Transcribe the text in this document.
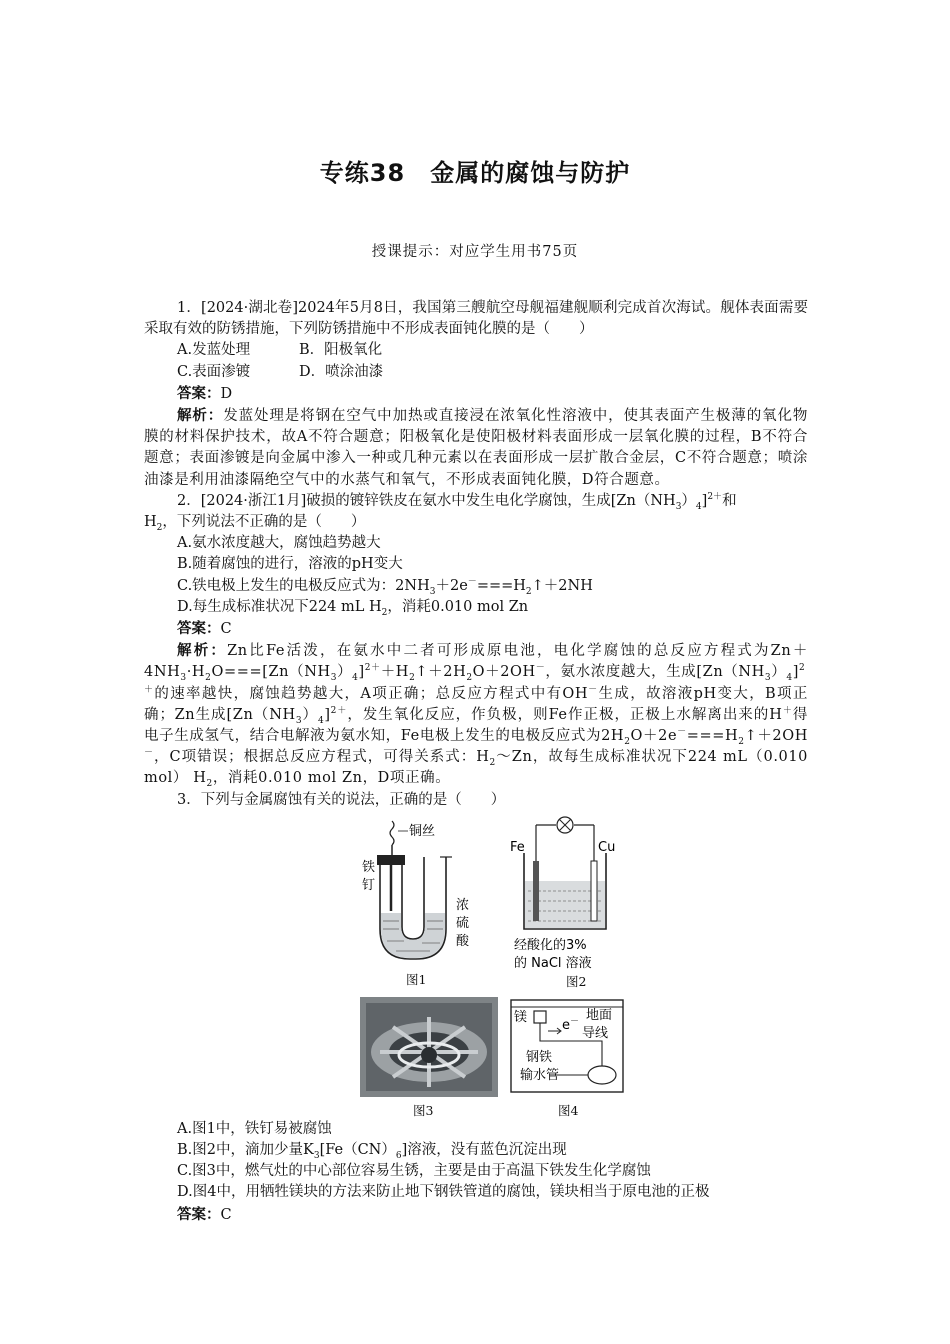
专练38　金属的腐蚀与防护
授课提示：对应学生用书75页

1．[2024·湖北卷]2024年5月8日，我国第三艘航空母舰福建舰顺利完成首次海试。舰体表面需要采取有效的防锈措施，下列防锈措施中不形成表面钝化膜的是（　　）

A.发蓝处理	B．阳极氧化

C.表面渗镀	D．喷涂油漆

答案：D

解析：发蓝处理是将钢在空气中加热或直接浸在浓氧化性溶液中，使其表面产生极薄的氧化物膜的材料保护技术，故A不符合题意；阳极氧化是使阳极材料表面形成一层氧化膜的过程，B不符合题意；表面渗镀是向金属中渗入一种或几种元素以在表面形成一层扩散合金层，C不符合题意；喷涂油漆是利用油漆隔绝空气中的水蒸气和氧气，不形成表面钝化膜，D符合题意。

2．[2024·浙江1月]破损的镀锌铁皮在氨水中发生电化学腐蚀，生成$[Zn(NH_3)_4]^{2+}$和
$H_2$，下列说法不正确的是（　　）

A.氨水浓度越大，腐蚀趋势越大

B.随着腐蚀的进行，溶液的pH变大

C.铁电极上发生的电极反应式为：$2NH_3+2e^-===H_2↑+2NH$

D.每生成标准状况下224 mL $H_2$，消耗0.010 mol Zn

答案：C

解析：Zn比Fe活泼，在氨水中二者可形成原电池，电化学腐蚀的总反应方程式为$Zn+4NH_3\cdot H_2O===[Zn(NH_3)_4]^{2+}+H_2↑+2H_2O+2OH^-$，氨水浓度越大，生成$[Zn(NH_3)_4]^2$
＋的速率越快，腐蚀趋势越大，A项正确；总反应方程式中有OH－生成，故溶液pH变大，B项正确；Zn生成$[Zn(NH_3)_4]^{2+}$，发生氧化反应，作负极，则Fe作正极，正极上水解离出来的H＋得电子生成氢气，结合电解液为氨水知，Fe电极上发生的电极反应式为$2H_2O+2e^-===H_2↑+2OH^-$，C项错误；根据总反应方程式，可得关系式：$H_2\sim Zn$，故每生成标准状况下224 mL（0.010 mol） $H_2$，消耗0.010 mol Zn，D项正确。

3．下列与金属腐蚀有关的说法，正确的是（　　）

铜丝
铁
钉
浓
硫
酸
图1
Fe	Cu
经酸化的3%
的 NaCl 溶液
图2
图3
镁
e－ 地面
导线
钢铁
输水管
图4

A.图1中，铁钉易被腐蚀

B.图2中，滴加少量$K_3[Fe(CN)_6]$溶液，没有蓝色沉淀出现

C.图3中，燃气灶的中心部位容易生锈，主要是由于高温下铁发生化学腐蚀

D.图4中，用牺牲镁块的方法来防止地下钢铁管道的腐蚀，镁块相当于原电池的正极

答案：C
